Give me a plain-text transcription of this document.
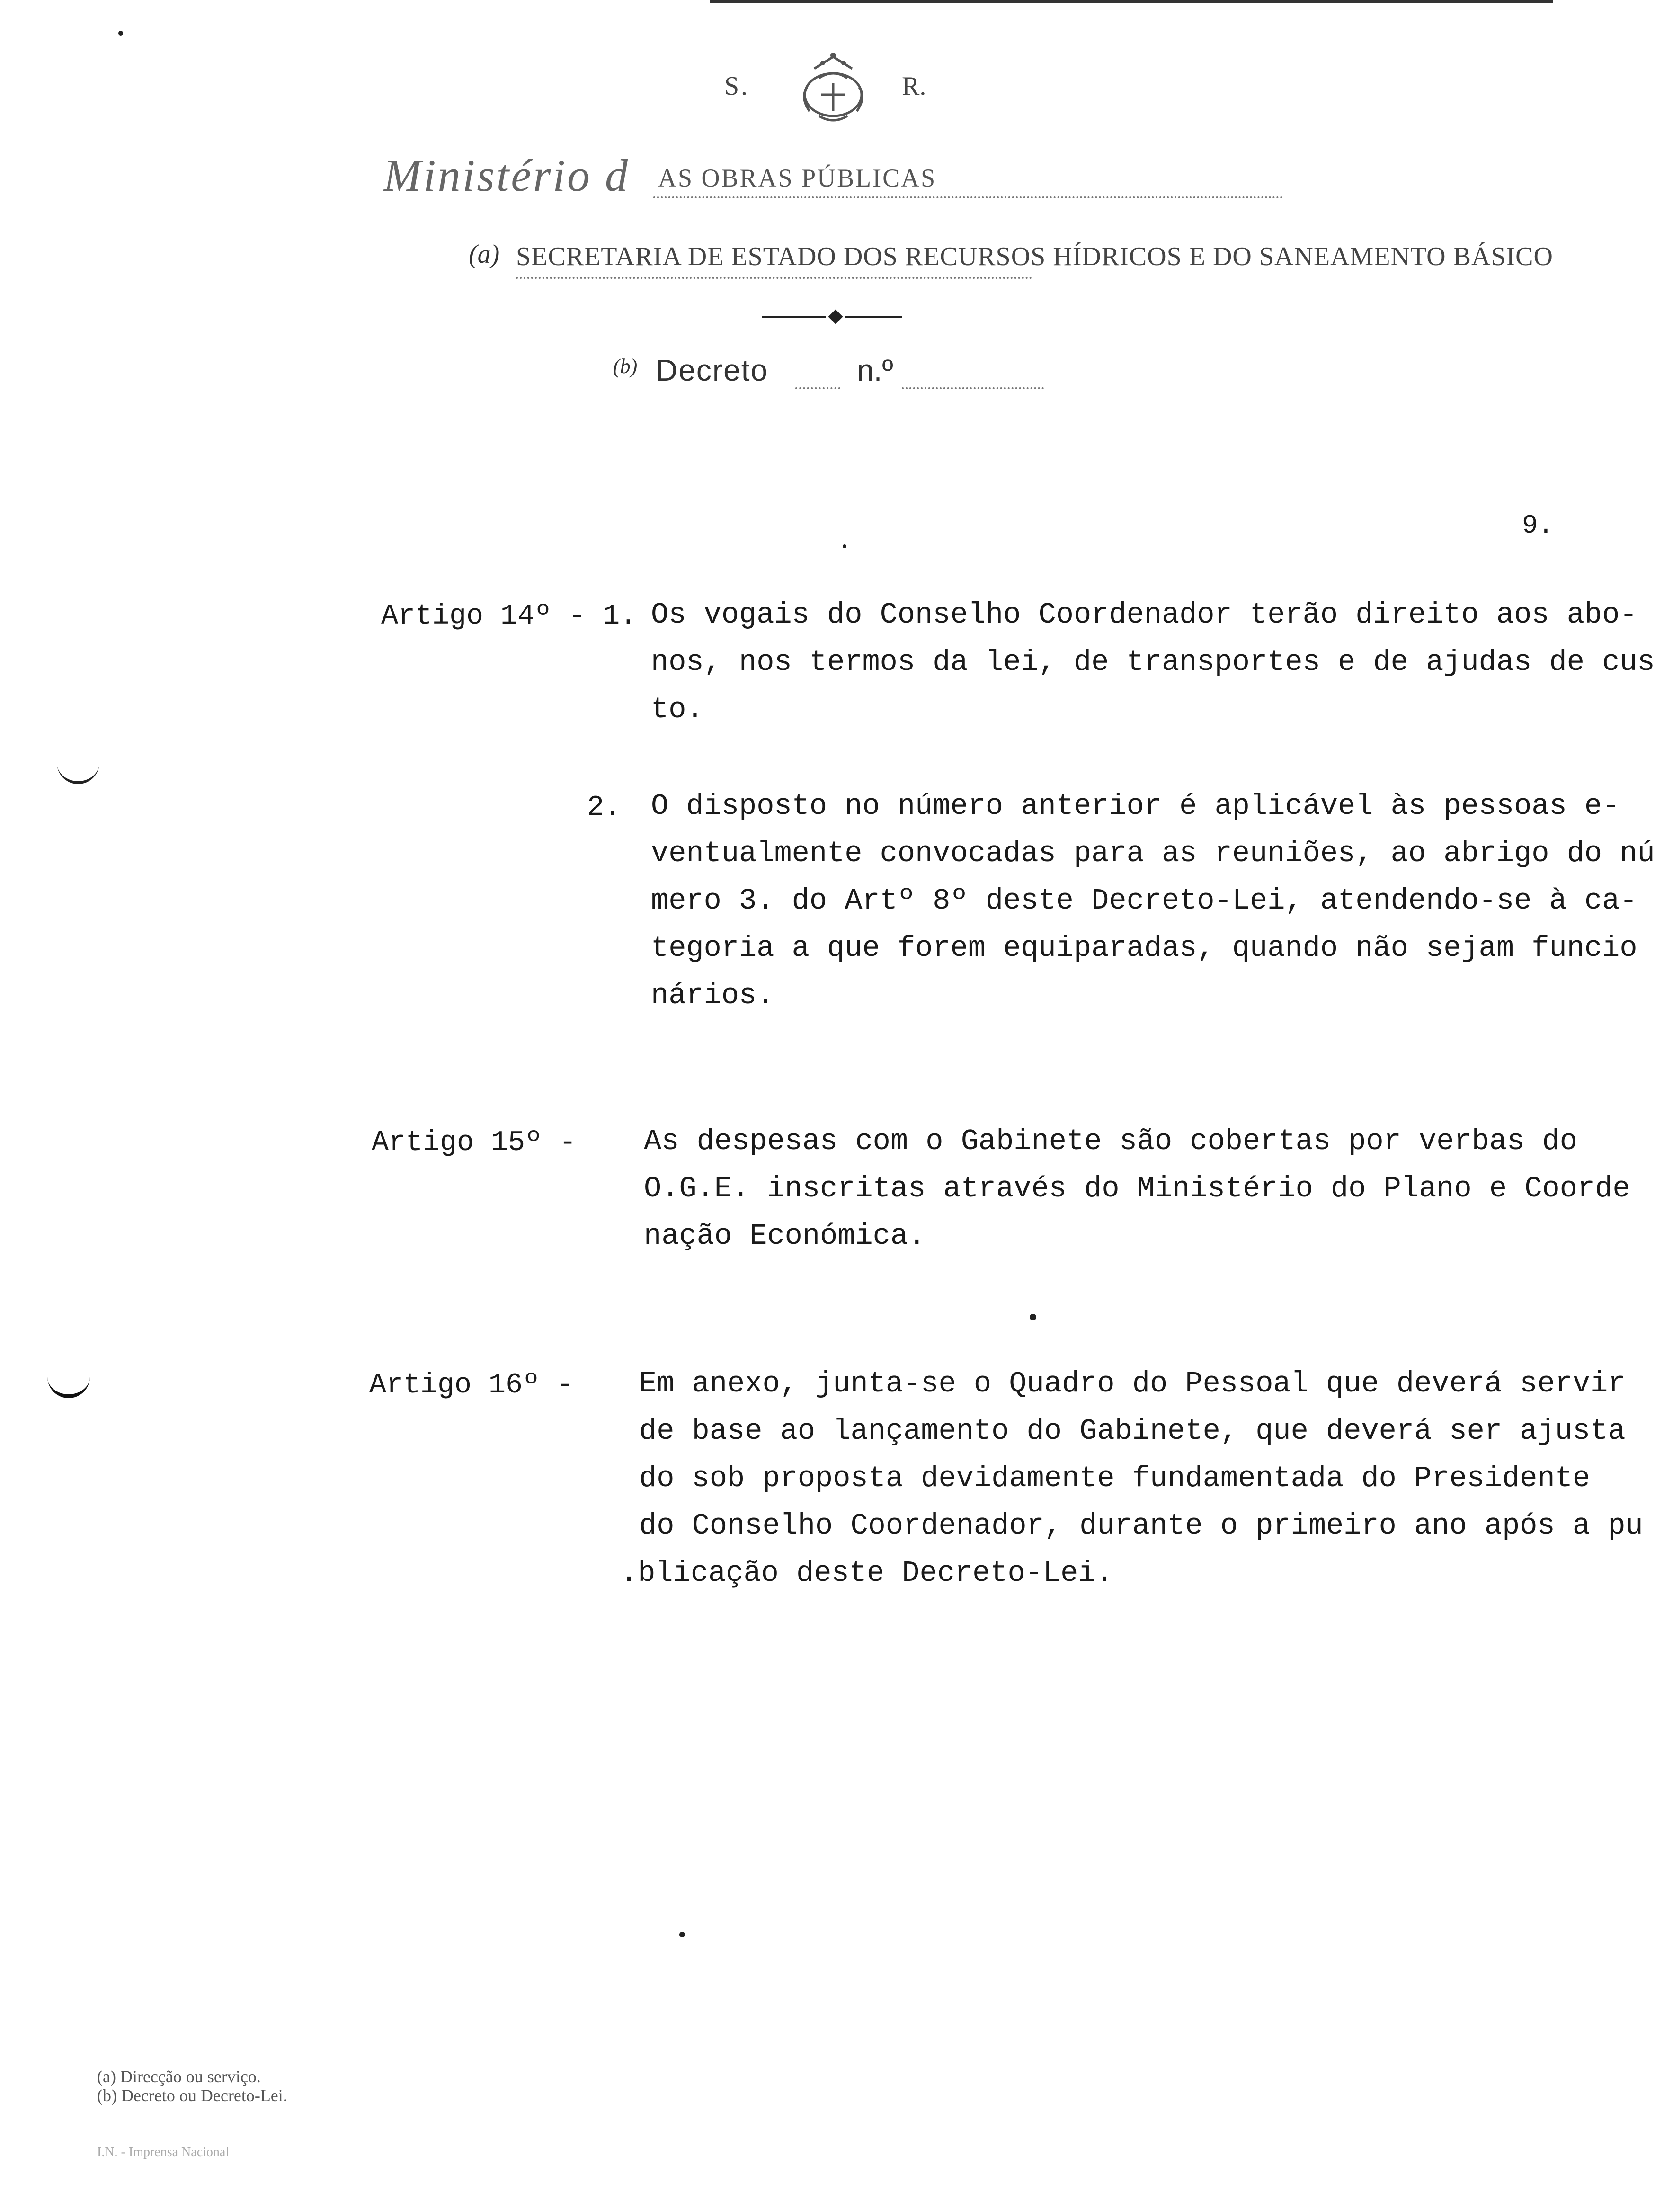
S.	R.
Ministério d AS OBRAS PÚBLICAS
(a) SECRETARIA DE ESTADO DOS RECURSOS HÍDRICOS E DO SANEAMENTO BÁSICO
(b) Decreto	n.º
9.
Artigo 14º - 1. Os vogais do Conselho Coordenador terão direito aos abo-
nos, nos termos da lei, de transportes e de ajudas de cus
to.
2. O disposto no número anterior é aplicável às pessoas e-
ventualmente convocadas para as reuniões, ao abrigo do nú
mero 3. do Artº 8º deste Decreto-Lei, atendendo-se à ca-
tegoria a que forem equiparadas, quando não sejam funcio
nários.
Artigo 15º - As despesas com o Gabinete são cobertas por verbas do
O.G.E. inscritas através do Ministério do Plano e Coorde
nação Económica.
Artigo 16º - Em anexo, junta-se o Quadro do Pessoal que deverá servir
de base ao lançamento do Gabinete, que deverá ser ajusta
do sob proposta devidamente fundamentada do Presidente
do Conselho Coordenador, durante o primeiro ano após a pu
.blicação deste Decreto-Lei.
(a) Direcção ou serviço.
(b) Decreto ou Decreto-Lei.
I.N. - Imprensa Nacional
